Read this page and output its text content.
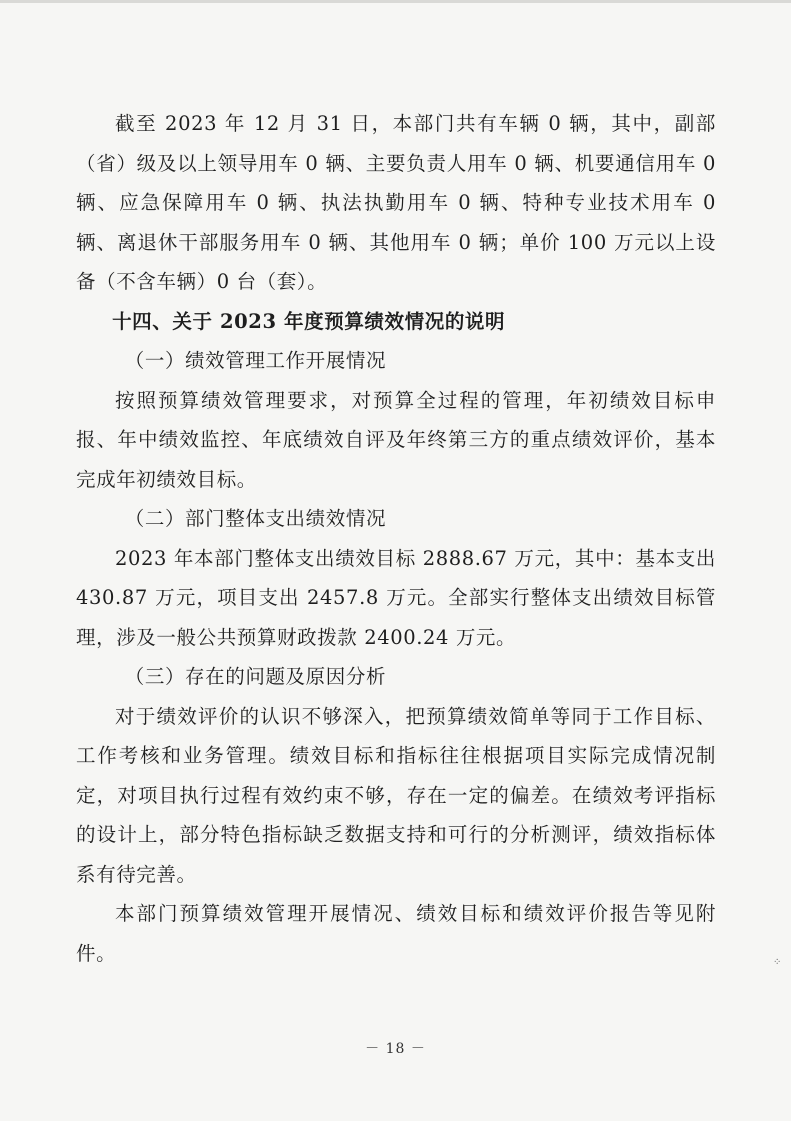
截至 2023 年 12 月 31 日，本部门共有车辆 0 辆，其中，副部（省）级及以上领导用车 0 辆、主要负责人用车 0 辆、机要通信用车 0 辆、应急保障用车 0 辆、执法执勤用车 0 辆、特种专业技术用车 0 辆、离退休干部服务用车 0 辆、其他用车 0 辆；单价 100 万元以上设备（不含车辆）0 台（套）。

十四、关于 2023 年度预算绩效情况的说明

（一）绩效管理工作开展情况

按照预算绩效管理要求，对预算全过程的管理，年初绩效目标申报、年中绩效监控、年底绩效自评及年终第三方的重点绩效评价，基本完成年初绩效目标。

（二）部门整体支出绩效情况

2023 年本部门整体支出绩效目标 2888.67 万元，其中：基本支出 430.87 万元，项目支出 2457.8 万元。全部实行整体支出绩效目标管理，涉及一般公共预算财政拨款 2400.24 万元。

（三）存在的问题及原因分析

对于绩效评价的认识不够深入，把预算绩效简单等同于工作目标、工作考核和业务管理。绩效目标和指标往往根据项目实际完成情况制定，对项目执行过程有效约束不够，存在一定的偏差。在绩效考评指标的设计上，部分特色指标缺乏数据支持和可行的分析测评，绩效指标体系有待完善。

本部门预算绩效管理开展情况、绩效目标和绩效评价报告等见附件。

－ 18 －
⁘
